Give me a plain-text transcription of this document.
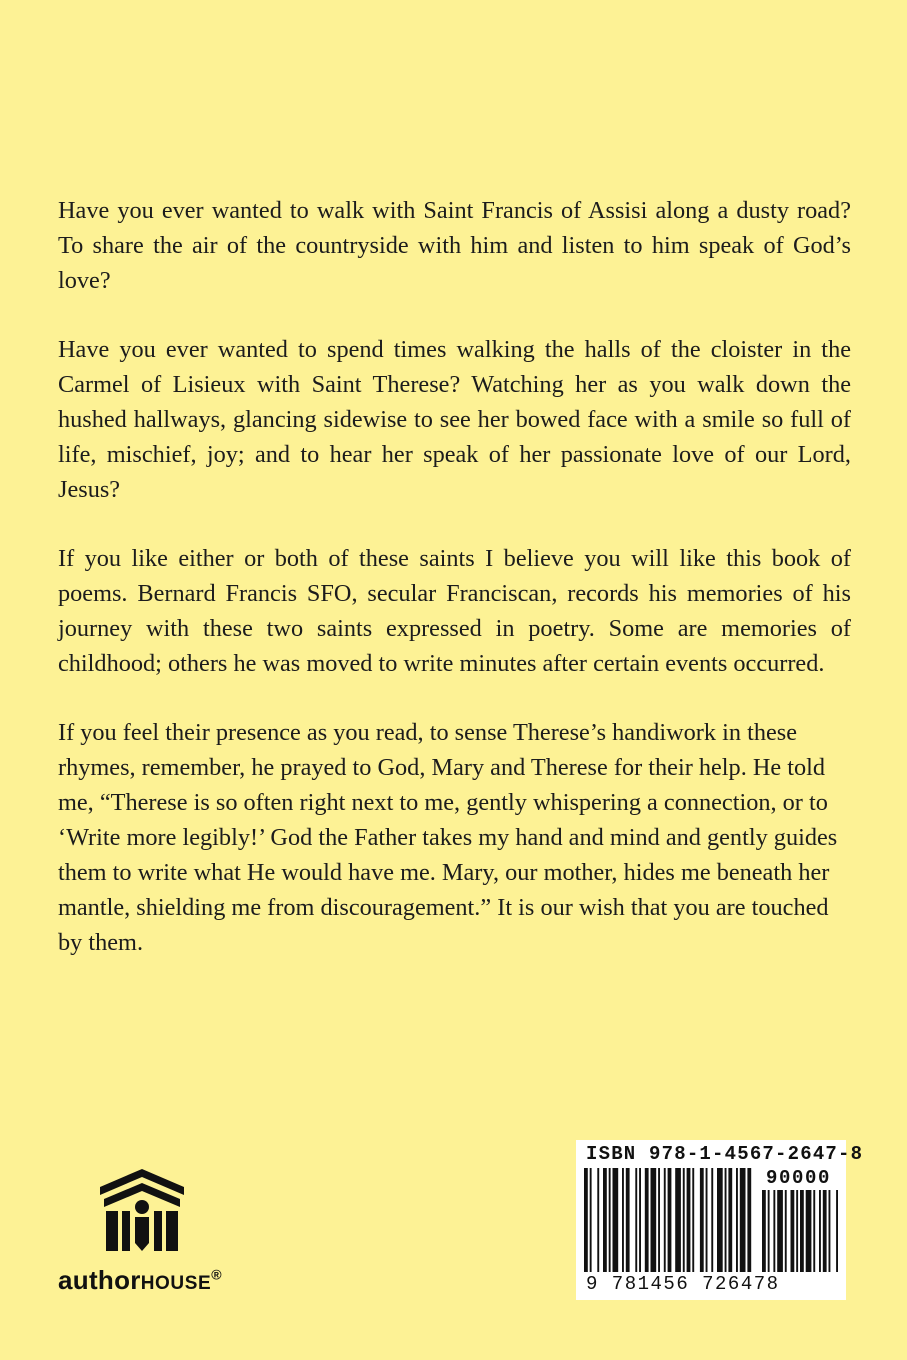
Have you ever wanted to walk with Saint Francis of Assisi along a dusty road? To share the air of the countryside with him and listen to him speak of God’s love?

Have you ever wanted to spend times walking the halls of the cloister in the Carmel of Lisieux with Saint Therese? Watching her as you walk down the hushed hallways, glancing sidewise to see her bowed face with a smile so full of life, mischief, joy; and to hear her speak of her passionate love of our Lord, Jesus?

If you like either or both of these saints I believe you will like this book of poems. Bernard Francis SFO, secular Franciscan, records his memories of his journey with these two saints expressed in poetry. Some are memories of childhood; others he was moved to write minutes after certain events occurred.

If you feel their presence as you read, to sense Therese’s handiwork in these rhymes, remember, he prayed to God, Mary and Therese for their help. He told me, “Therese is so often right next to me, gently whispering a connection, or to ‘Write more legibly!’ God the Father takes my hand and mind and gently guides them to write what He would have me. Mary, our mother, hides me beneath her mantle, shielding me from discouragement.” It is our wish that you are touched by them.

authorHOUSE®
ISBN 978-1-4567-2647-8
90000
9 781456 726478
